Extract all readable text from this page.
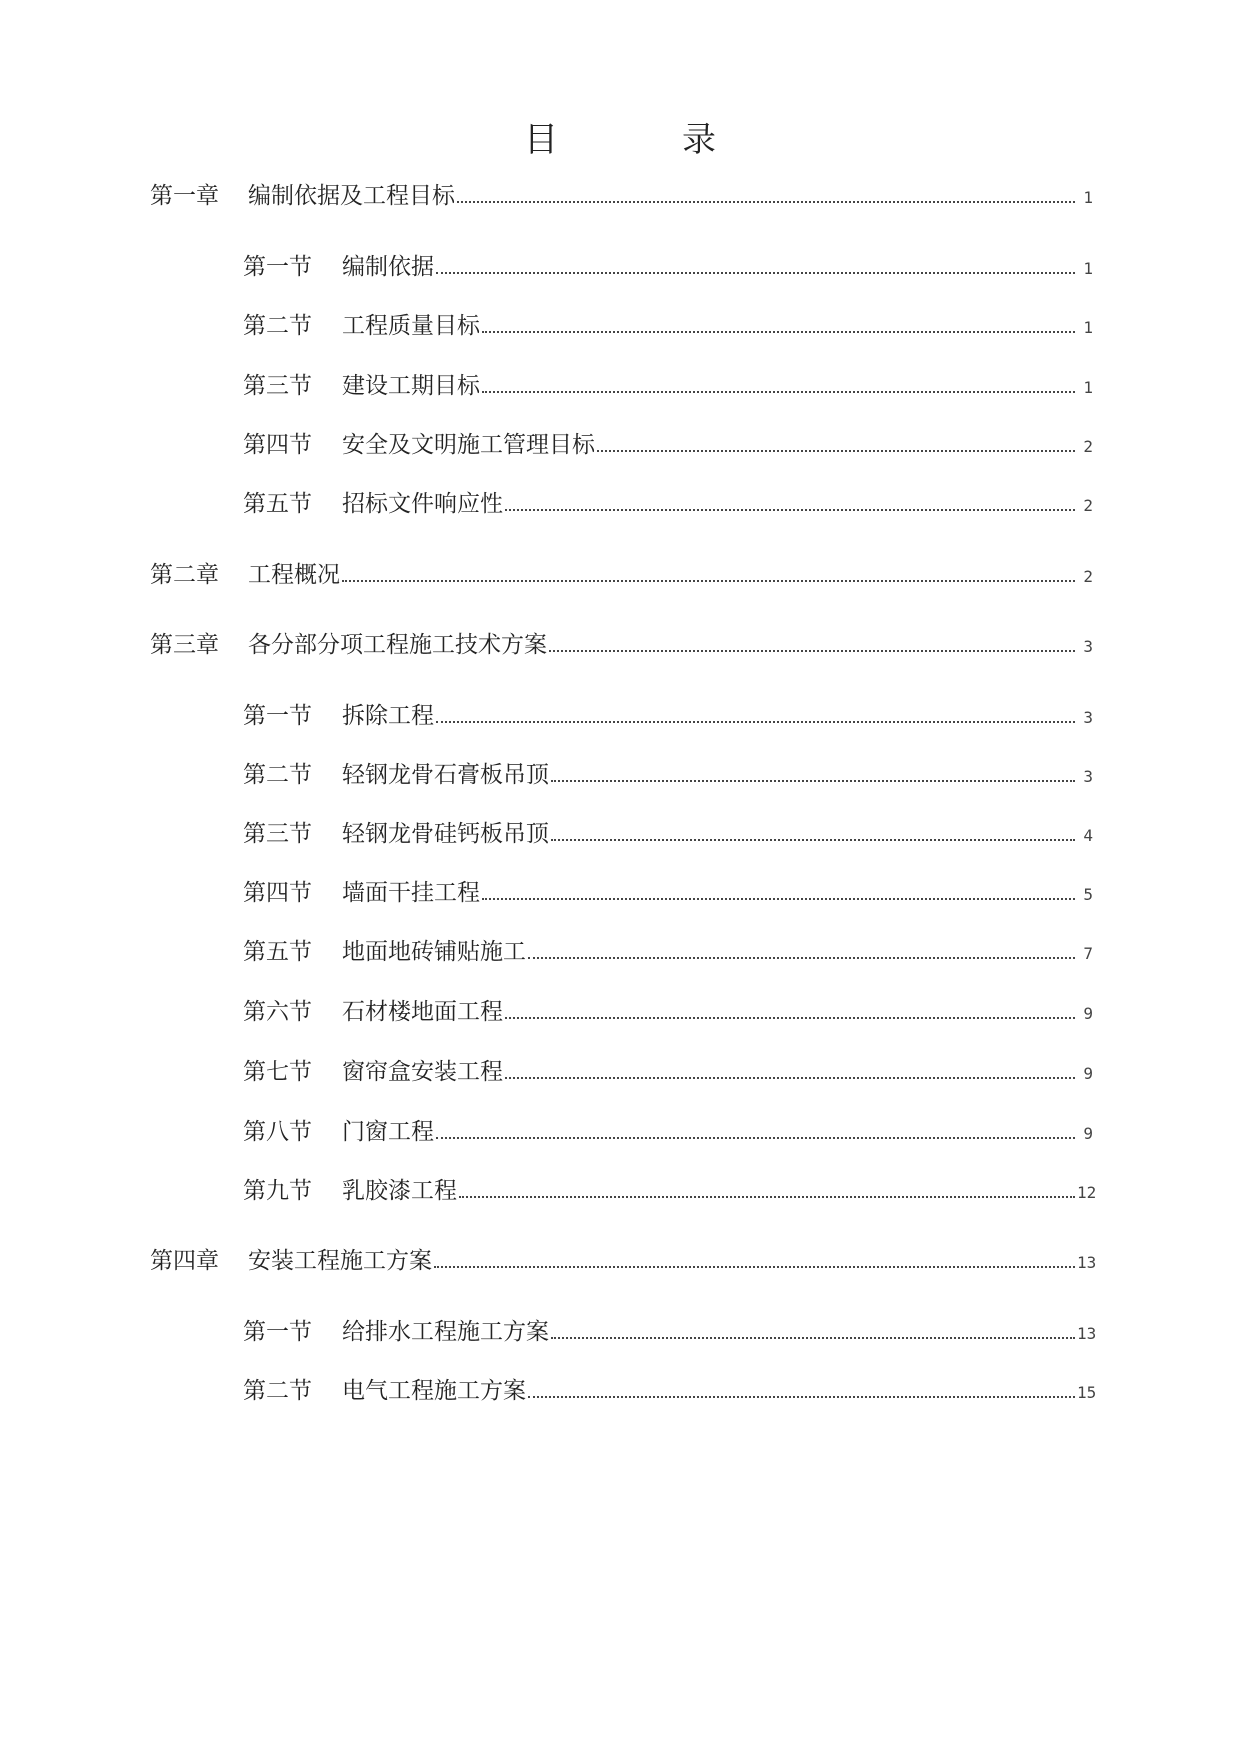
目	录
第一章	编制依据及工程目标	1
第一节	编制依据	1
第二节	工程质量目标	1
第三节	建设工期目标	1
第四节	安全及文明施工管理目标	2
第五节	招标文件响应性	2
第二章	工程概况	2
第三章	各分部分项工程施工技术方案	3
第一节	拆除工程	3
第二节	轻钢龙骨石膏板吊顶	3
第三节	轻钢龙骨硅钙板吊顶	4
第四节	墙面干挂工程	5
第五节	地面地砖铺贴施工	7
第六节	石材楼地面工程	9
第七节	窗帘盒安装工程	9
第八节	门窗工程	9
第九节	乳胶漆工程	12
第四章	安装工程施工方案	13
第一节	给排水工程施工方案	13
第二节	电气工程施工方案	15
